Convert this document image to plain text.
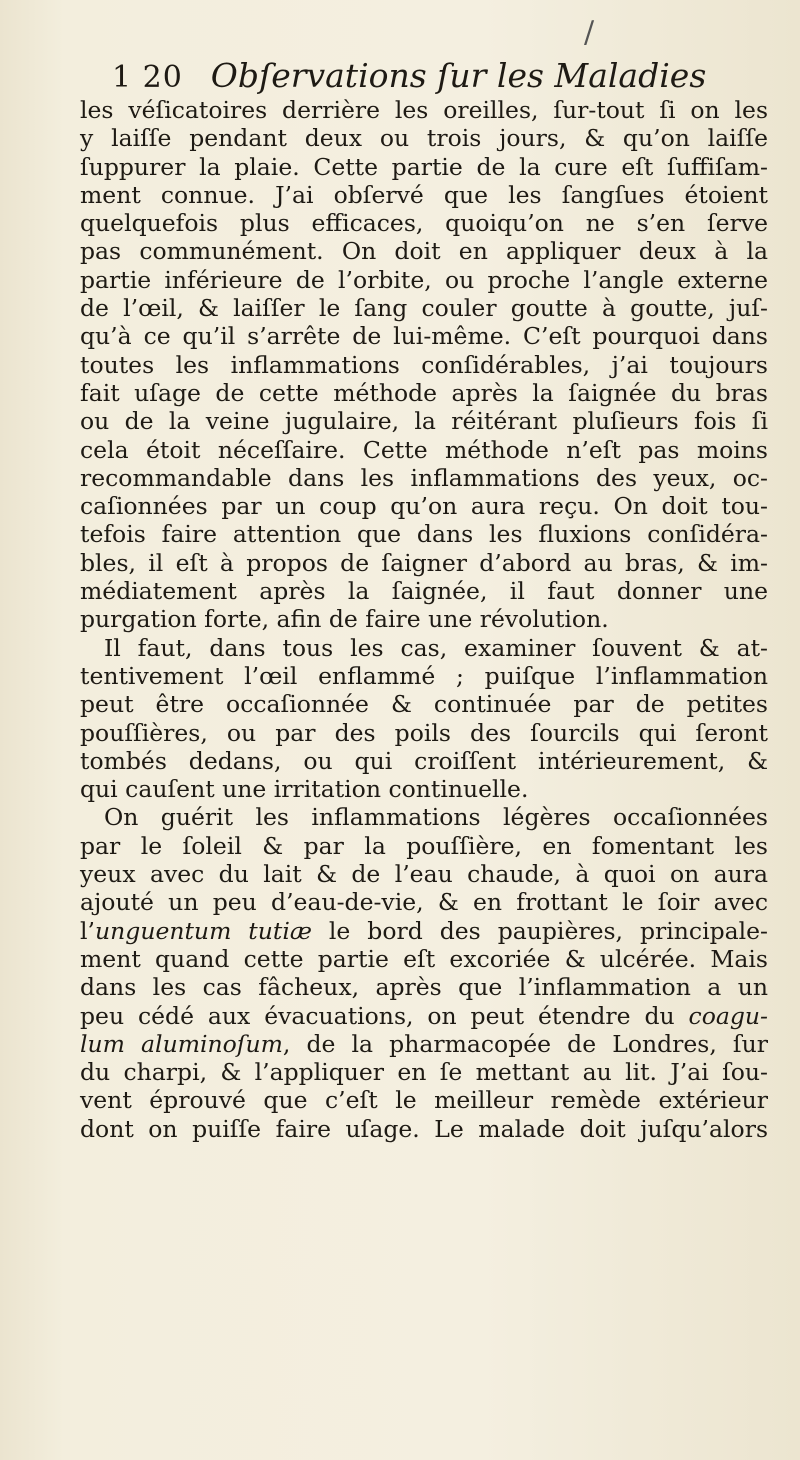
/
1 20 Obſervations ſur les Maladies
les véſicatoires derrière les oreilles, ſur-tout ſi on les
y laiſſe pendant deux ou trois jours, & qu’on laiſſe
ſuppurer la plaie. Cette partie de la cure eſt ſuffiſam-
ment connue. J’ai obſervé que les ſangſues étoient
quelquefois plus efficaces, quoiqu’on ne s’en ſerve
pas communément. On doit en appliquer deux à la
partie inférieure de l’orbite, ou proche l’angle externe
de l’œil, & laiſſer le ſang couler goutte à goutte, juſ-
qu’à ce qu’il s’arrête de lui-même. C’eſt pourquoi dans
toutes les inflammations conſidérables, j’ai toujours
fait uſage de cette méthode après la ſaignée du bras
ou de la veine jugulaire, la réitérant pluſieurs fois ſi
cela étoit néceſſaire. Cette méthode n’eſt pas moins
recommandable dans les inflammations des yeux, oc-
caſionnées par un coup qu’on aura reçu. On doit tou-
tefois faire attention que dans les fluxions conſidéra-
bles, il eſt à propos de ſaigner d’abord au bras, & im-
médiatement après la ſaignée, il faut donner une
purgation forte, afin de faire une révolution.
Il faut, dans tous les cas, examiner ſouvent & at-
tentivement l’œil enflammé ; puiſque l’inflammation
peut être occaſionnée & continuée par de petites
pouſſières, ou par des poils des ſourcils qui ſeront
tombés dedans, ou qui croiſſent intérieurement, &
qui cauſent une irritation continuelle.
On guérit les inflammations légères occaſionnées
par le ſoleil & par la pouſſière, en fomentant les
yeux avec du lait & de l’eau chaude, à quoi on aura
ajouté un peu d’eau-de-vie, & en frottant le ſoir avec
l’unguentum tutiæ le bord des paupières, principale-
ment quand cette partie eſt excoriée & ulcérée. Mais
dans les cas fâcheux, après que l’inflammation a un
peu cédé aux évacuations, on peut étendre du coagu-
lum aluminoſum, de la pharmacopée de Londres, ſur
du charpi, & l’appliquer en ſe mettant au lit. J’ai ſou-
vent éprouvé que c’eſt le meilleur remède extérieur
dont on puiſſe faire uſage. Le malade doit juſqu’alors
